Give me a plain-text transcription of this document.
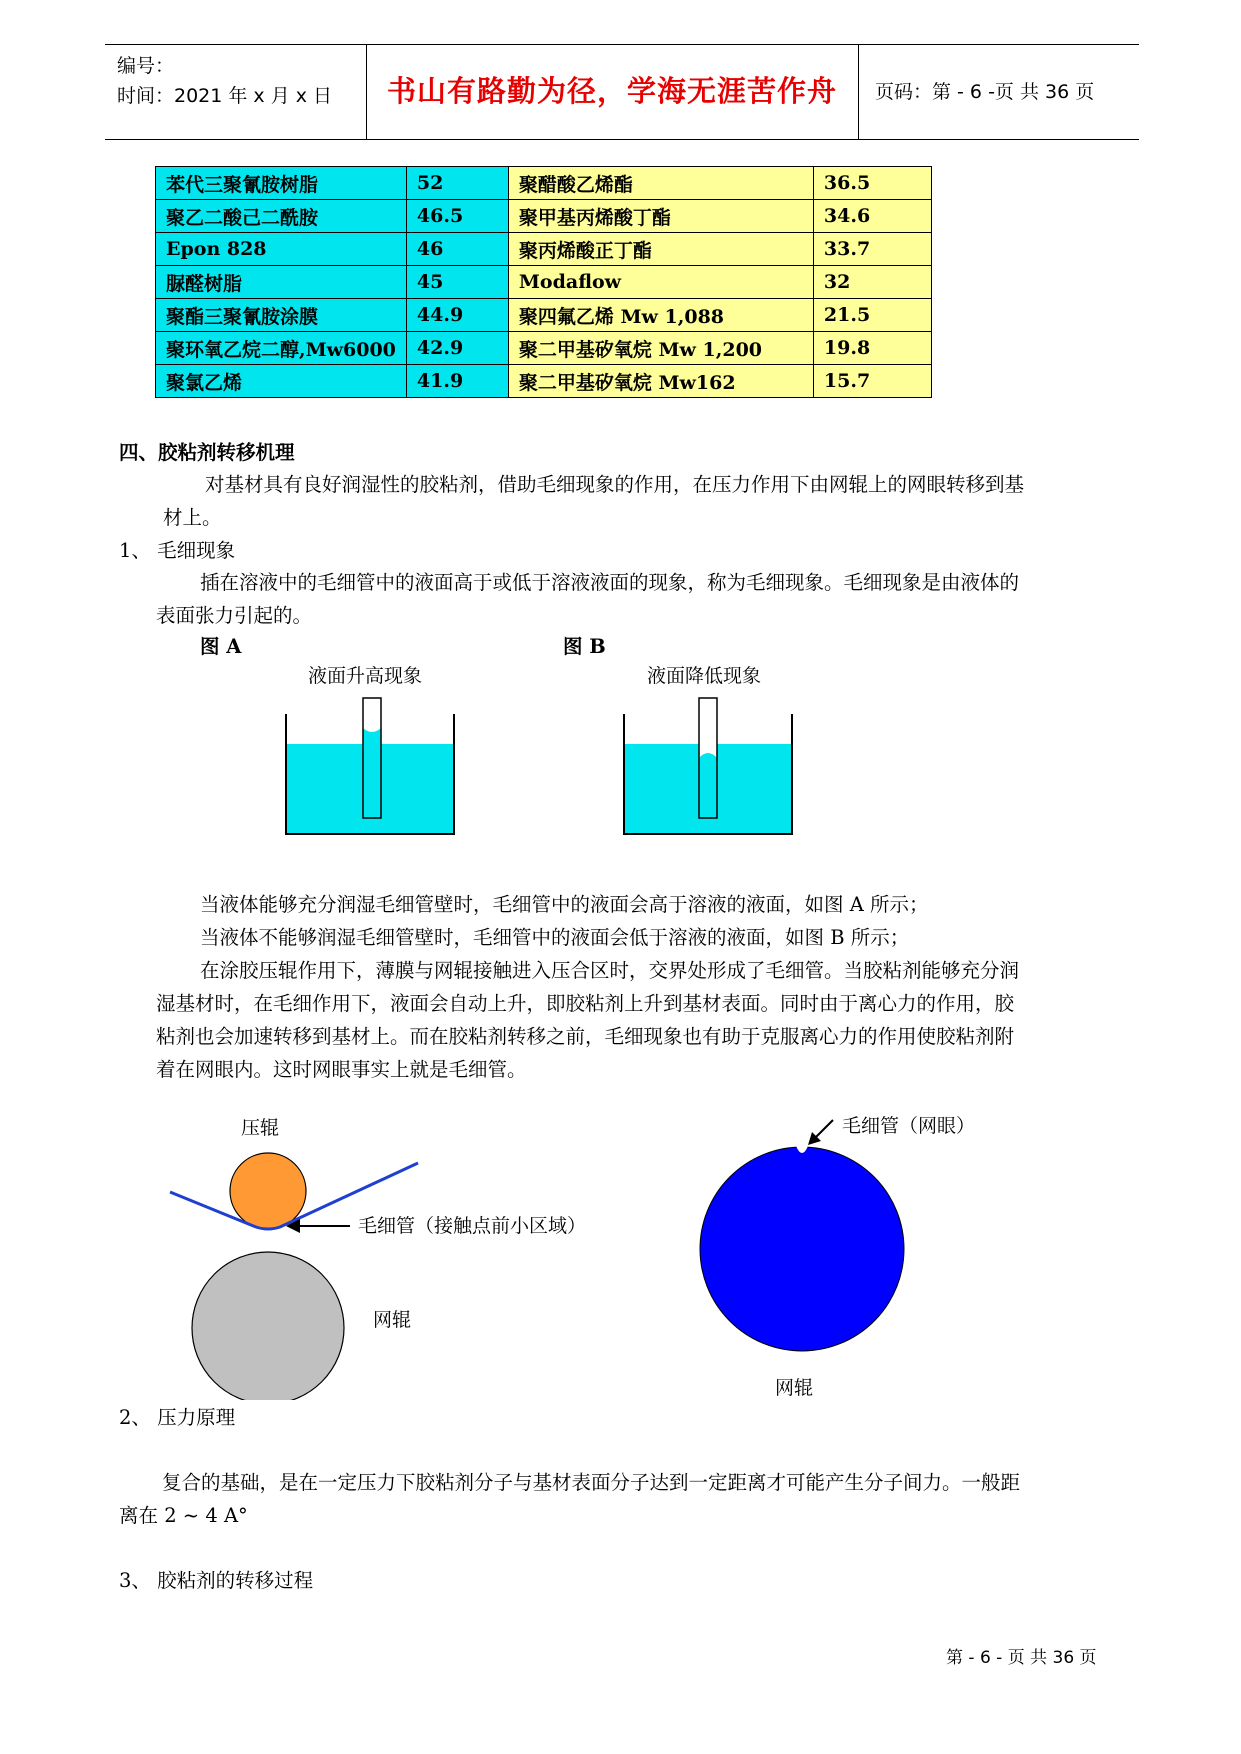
编号：
时间：2021 年 x 月 x 日	书山有路勤为径，学海无涯苦作舟	页码：第 - 6 -页 共 36 页
苯代三聚氰胺树脂	52	聚醋酸乙烯酯	36.5
聚乙二酸己二酰胺	46.5	聚甲基丙烯酸丁酯	34.6
Epon 828	46	聚丙烯酸正丁酯	33.7
脲醛树脂	45	Modaflow	32
聚酯三聚氰胺涂膜	44.9	聚四氟乙烯 Mw 1,088	21.5
聚环氧乙烷二醇,Mw6000	42.9	聚二甲基矽氧烷 Mw 1,200	19.8
聚氯乙烯	41.9	聚二甲基矽氧烷 Mw162	15.7
四、胶粘剂转移机理
对基材具有良好润湿性的胶粘剂，借助毛细现象的作用，在压力作用下由网辊上的网眼转移到基
材上。
1、 毛细现象
插在溶液中的毛细管中的液面高于或低于溶液液面的现象，称为毛细现象。毛细现象是由液体的
表面张力引起的。
图 A	图 B
液面升高现象	液面降低现象
当液体能够充分润湿毛细管壁时，毛细管中的液面会高于溶液的液面，如图 A 所示；
当液体不能够润湿毛细管壁时，毛细管中的液面会低于溶液的液面，如图 B 所示；
在涂胶压辊作用下，薄膜与网辊接触进入压合区时，交界处形成了毛细管。当胶粘剂能够充分润
湿基材时，在毛细作用下，液面会自动上升，即胶粘剂上升到基材表面。同时由于离心力的作用，胶
粘剂也会加速转移到基材上。而在胶粘剂转移之前，毛细现象也有助于克服离心力的作用使胶粘剂附
着在网眼内。这时网眼事实上就是毛细管。
压辊
毛细管（接触点前小区域）
网辊
毛细管（网眼）
网辊
2、 压力原理
复合的基础，是在一定压力下胶粘剂分子与基材表面分子达到一定距离才可能产生分子间力。一般距
离在 2 ~ 4 A°
3、 胶粘剂的转移过程
第 - 6 - 页 共 36 页
